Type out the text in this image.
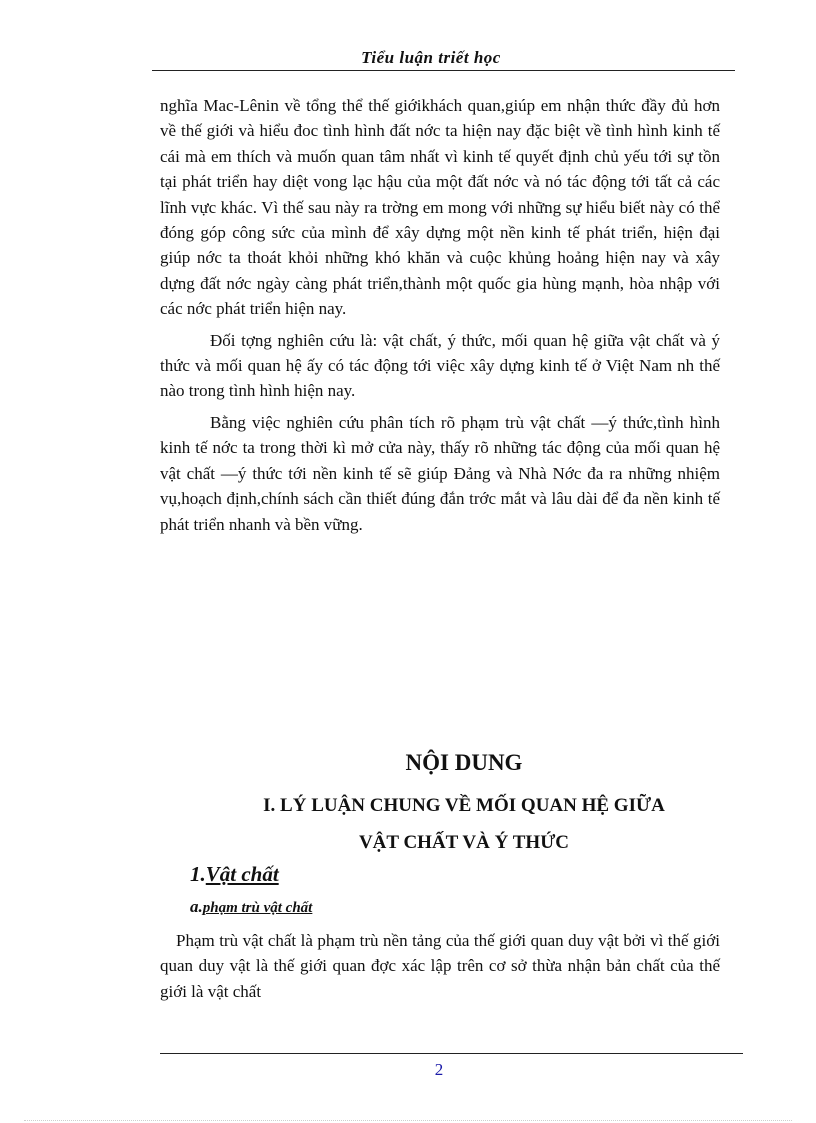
Tiểu luận triết học

nghĩa Mac-Lênin về tổng thể thế giớikhách quan,giúp em nhận thức đầy đủ hơn về thế giới và hiểu đoc tình hình đất nớc ta hiện nay đặc biệt về tình hình kinh tế cái mà em thích và muốn quan tâm nhất vì kinh tế quyết định chủ yếu tới sự tồn tại phát triển hay diệt vong lạc hậu của một đất nớc và nó tác động tới tất cả các lĩnh vực khác. Vì thế sau này ra trờng em mong với những sự hiểu biết này có thể đóng góp công sức của mình để xây dựng một nền kinh tế phát triển, hiện đại giúp nớc ta thoát khỏi những khó khăn và cuộc khủng hoảng hiện nay và xây dựng đất nớc ngày càng phát triển,thành một quốc gia hùng mạnh, hòa nhập với các nớc phát triển hiện nay.

Đối tợng nghiên cứu là: vật chất, ý thức, mối quan hệ giữa vật chất và ý thức và mối quan hệ ấy có tác động tới việc xây dựng kinh tế ở Việt Nam nh thế nào trong tình hình hiện nay.

Bằng việc nghiên cứu phân tích rõ phạm trù vật chất —ý thức,tình hình kinh tế nớc ta trong thời kì mở cửa này, thấy rõ những tác động của mối quan hệ vật chất —ý thức tới nền kinh tế sẽ giúp Đảng và Nhà Nớc đa ra những nhiệm vụ,hoạch định,chính sách cần thiết đúng đắn trớc mắt và lâu dài để đa nền kinh tế phát triển nhanh và bền vững.

NỘI DUNG
I. LÝ LUẬN CHUNG VỀ MỐI QUAN HỆ GIỮA
VẬT CHẤT VÀ Ý THỨC
1.Vật chất
a.phạm trù vật chất

Phạm trù vật chất là phạm trù nền tảng của thế giới quan duy vật bởi vì thế giới quan duy vật là thế giới quan đợc xác lập trên cơ sở thừa nhận bản chất của thế giới là vật chất

2
